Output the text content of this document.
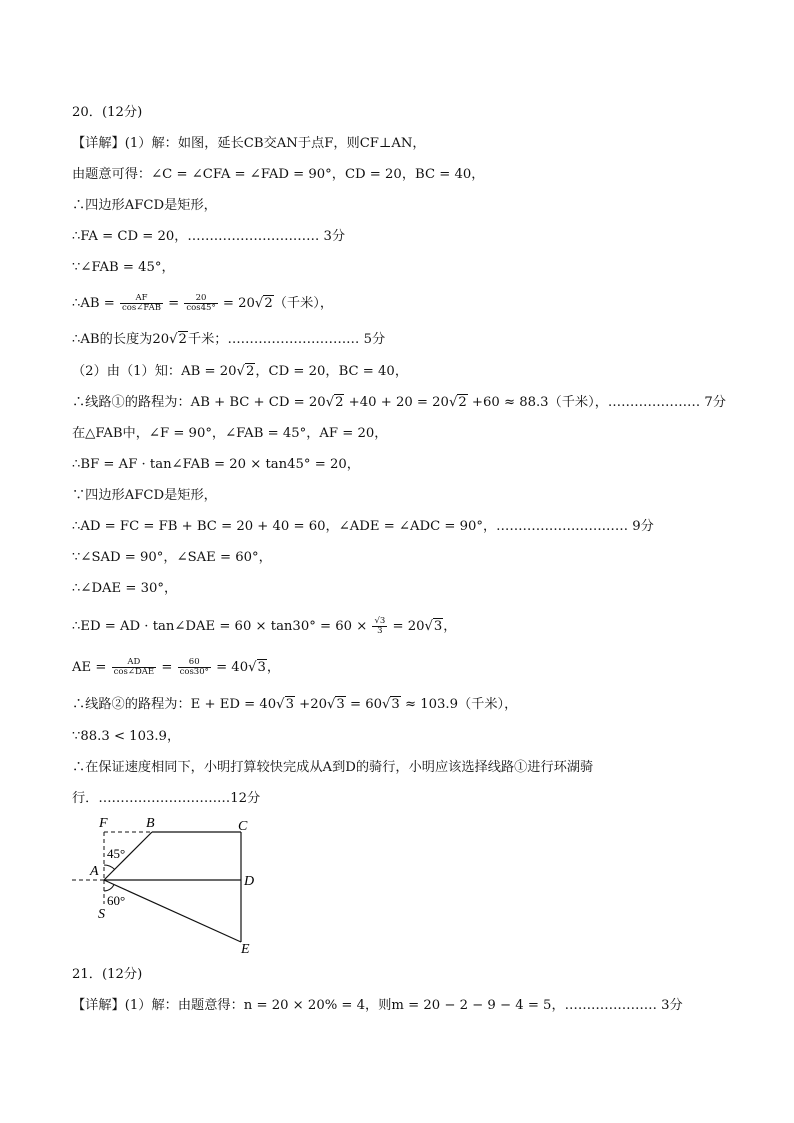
20．(12分)
【详解】(1）解：如图，延长CB交AN于点F，则CF⊥AN，
由题意可得：∠C = ∠CFA = ∠FAD = 90°，CD = 20，BC = 40，
∴四边形AFCD是矩形，
∴FA = CD = 20，………………………… 3分
∵∠FAB = 45°，
∴AB = $\frac{AF}{\text{cos∠FAB}} = \frac{20}{\cos 45^\circ} = 20√2$（千米），
∴AB的长度为20√2千米；………………………… 5分
（2）由（1）知：AB = 20√2，CD = 20，BC = 40，
∴线路①的路程为：AB + BC + CD = 20√2 +40 + 20 = 20√2 +60 ≈ 88.3（千米），………………… 7分
在△FAB中，∠F = 90°，∠FAB = 45°，AF = 20，
∴BF = AF · tan∠FAB = 20 × tan45° = 20，
∵四边形AFCD是矩形，
∴AD = FC = FB + BC = 20 + 40 = 60，∠ADE = ∠ADC = 90°，………………………… 9分
∵∠SAD = 90°，∠SAE = 60°，
∴∠DAE = 30°，
∴ED = AD · tan∠DAE = $60 \times \tan 30^\circ = 60 \times \frac{√3}{3} = 20√3$，
AE = $\frac{AD}{\text{cos∠DAE}} = \frac{60}{\cos 30^\circ} = 40√3$，
∴线路②的路程为：E + ED = 40√3 +20√3 = 60√3 ≈ 103.9（千米），
∵88.3 < 103.9，
∴在保证速度相同下，小明打算较快完成从A到D的骑行，小明应该选择线路①进行环湖骑
行．…………………………12分
F	B	C
A
D
S
E
45°
60°
21．(12分)
【详解】(1）解：由题意得：n = 20 × 20% = 4，则m = 20 − 2 − 9 − 4 = 5，………………… 3分
